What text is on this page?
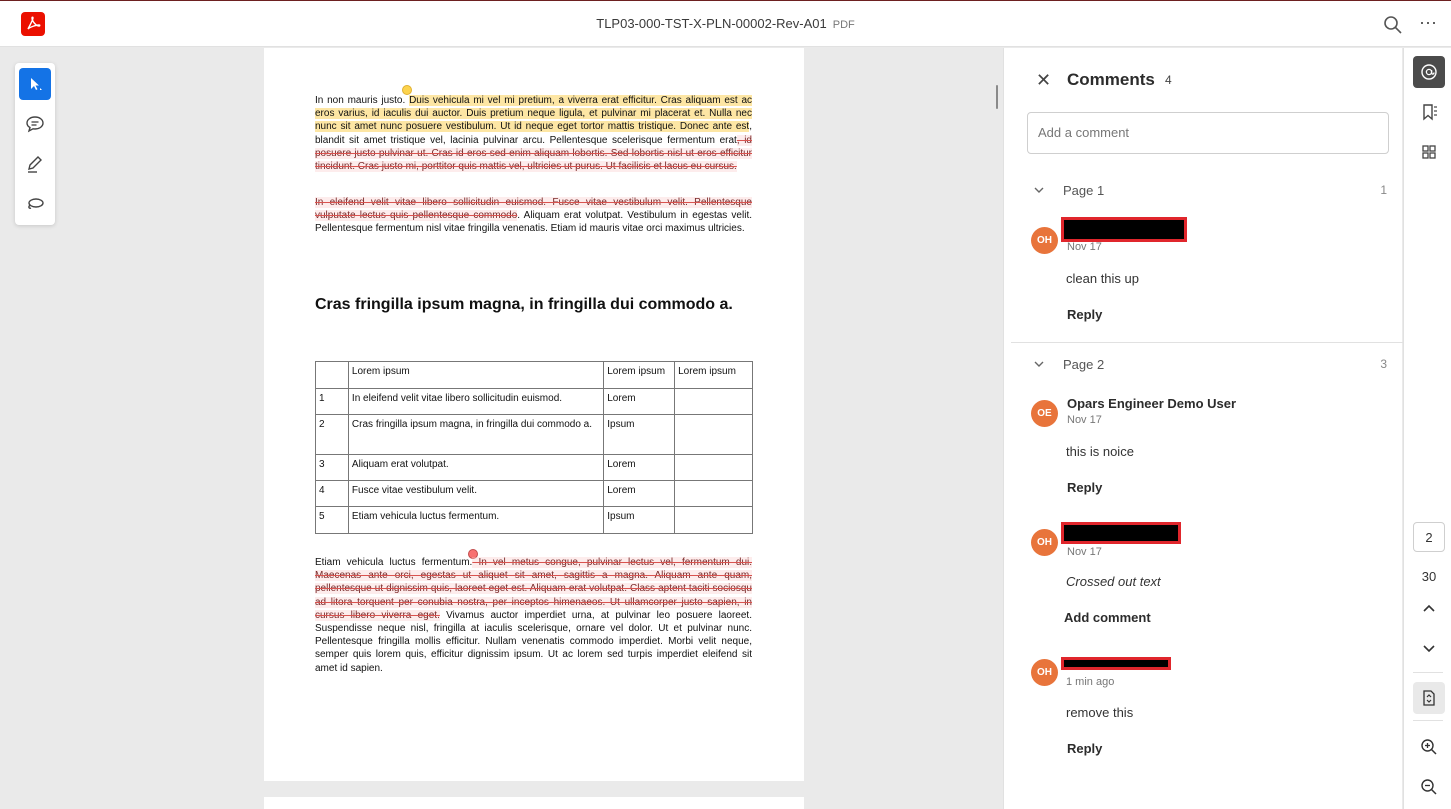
TLP03-000-TST-X-PLN-00002-Rev-A01 PDF	⋯
In non mauris justo. Duis vehicula mi vel mi pretium, a viverra erat efficitur. Cras aliquam est ac eros varius, id iaculis dui auctor. Duis pretium neque ligula, et pulvinar mi placerat et. Nulla nec nunc sit amet nunc posuere vestibulum. Ut id neque eget tortor mattis tristique. Donec ante est, blandit sit amet tristique vel, lacinia pulvinar arcu. Pellentesque scelerisque fermentum erat, id posuere justo pulvinar ut. Cras id eros sed enim aliquam lobortis. Sed lobortis nisl ut eros efficitur tincidunt. Cras justo mi, porttitor quis mattis vel, ultricies ut purus. Ut facilisis et lacus eu cursus.
In eleifend velit vitae libero sollicitudin euismod. Fusce vitae vestibulum velit. Pellentesque vulputate lectus quis pellentesque commodo. Aliquam erat volutpat. Vestibulum in egestas velit. Pellentesque fermentum nisl vitae fringilla venenatis. Etiam id mauris vitae orci maximus ultricies.
Cras fringilla ipsum magna, in fringilla dui commodo a.
	Lorem ipsum	Lorem ipsum	Lorem ipsum
1	In eleifend velit vitae libero sollicitudin euismod.	Lorem	
2	Cras fringilla ipsum magna, in fringilla dui commodo a.	Ipsum	
3	Aliquam erat volutpat.	Lorem	
4	Fusce vitae vestibulum velit.	Lorem	
5	Etiam vehicula luctus fermentum.	Ipsum	
Etiam vehicula luctus fermentum. In vel metus congue, pulvinar lectus vel, fermentum dui. Maecenas ante orci, egestas ut aliquet sit amet, sagittis a magna. Aliquam ante quam, pellentesque ut dignissim quis, laoreet eget est. Aliquam erat volutpat. Class aptent taciti sociosqu ad litora torquent per conubia nostra, per inceptos himenaeos. Ut ullamcorper justo sapien, in cursus libero viverra eget. Vivamus auctor imperdiet urna, at pulvinar leo posuere laoreet. Suspendisse neque nisl, fringilla at iaculis scelerisque, ornare vel dolor. Ut et pulvinar nunc. Pellentesque fringilla mollis efficitur. Nullam venenatis commodo imperdiet. Morbi velit neque, semper quis lorem quis, efficitur dignissim ipsum. Ut ac lorem sed turpis imperdiet eleifend sit amet id sapien.
✕ Comments 4
Add a comment
Page 1	1
OH
Nov 17
clean this up
Reply
Page 2	3
OE
Opars Engineer Demo User
Nov 17
this is noice
Reply
OH
Nov 17
Crossed out text
Add comment
OH
1 min ago
remove this
Reply
2
30
